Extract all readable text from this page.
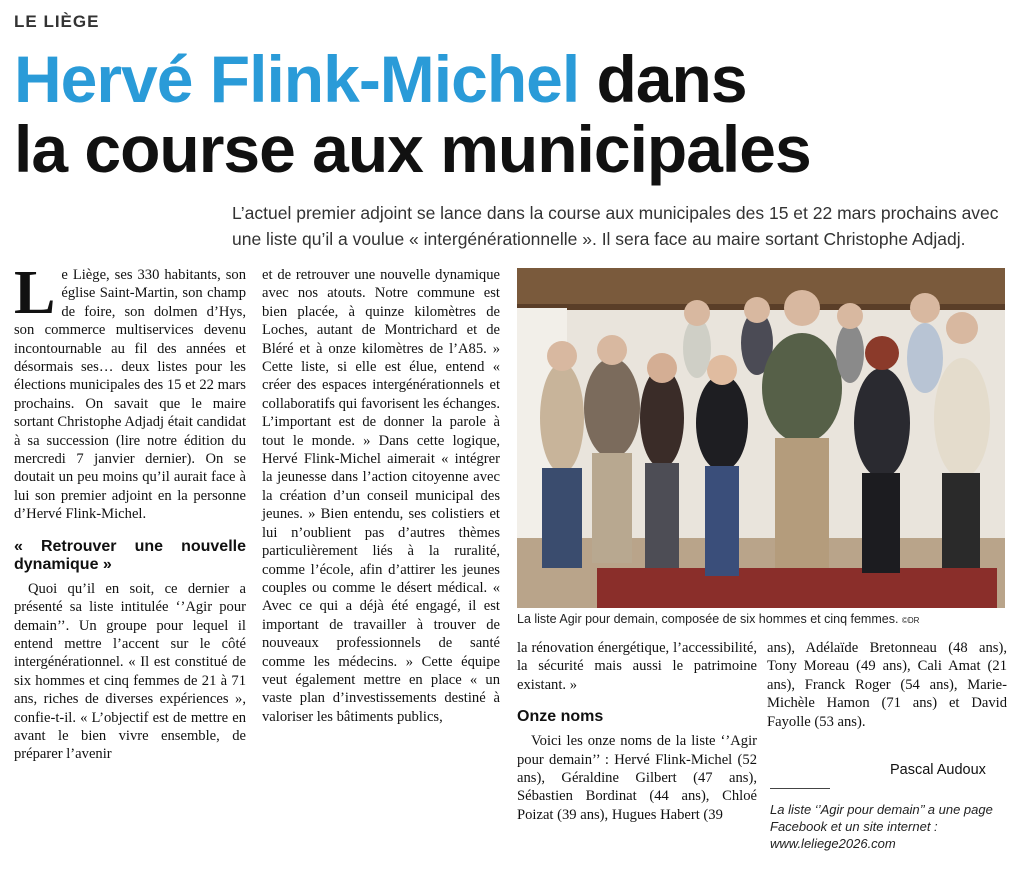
LE LIÈGE
Hervé Flink-Michel dans
la course aux municipales
L’actuel premier adjoint se lance dans la course aux municipales des 15 et 22 mars prochains avec une liste qu’il a voulue « intergénérationnelle ». Il sera face au maire sortant Christophe Adjadj.

Le Liège, ses 330 habitants, son église Saint-Martin, son champ de foire, son dolmen d’Hys, son commerce multiservices devenu incontournable au fil des années et désormais ses… deux listes pour les élections municipales des 15 et 22 mars prochains. On savait que le maire sortant Christophe Adjadj était candidat à sa succession (lire notre édition du mercredi 7 janvier dernier). On se doutait un peu moins qu’il aurait face à lui son premier adjoint en la personne d’Hervé Flink-Michel.

« Retrouver une nouvelle dynamique »

Quoi qu’il en soit, ce dernier a présenté sa liste intitulée ‘’Agir pour demain’’. Un groupe pour lequel il entend mettre l’accent sur le côté intergénérationnel. « Il est constitué de six hommes et cinq femmes de 21 à 71 ans, riches de diverses expériences », confie-t-il. « L’objectif est de mettre en avant le bien vivre ensemble, de préparer l’avenir

et de retrouver une nouvelle dynamique avec nos atouts. Notre commune est bien placée, à quinze kilomètres de Loches, autant de Montrichard et de Bléré et à onze kilomètres de l’A85. » Cette liste, si elle est élue, entend « créer des espaces intergénérationnels et collaboratifs qui favorisent les échanges. L’important est de donner la parole à tout le monde. » Dans cette logique, Hervé Flink-Michel aimerait « intégrer la jeunesse dans l’action citoyenne avec la création d’un conseil municipal des jeunes. » Bien entendu, ses colistiers et lui n’oublient pas d’autres thèmes particulièrement liés à la ruralité, comme l’école, afin d’attirer les jeunes couples ou comme le désert médical. « Avec ce qui a déjà été engagé, il est important de travailler à trouver de nouveaux professionnels de santé comme les médecins. » Cette équipe veut également mettre en place « un vaste plan d’investissements destiné à valoriser les bâtiments publics,

La liste Agir pour demain, composée de six hommes et cinq femmes. ©DR

la rénovation énergétique, l’accessibilité, la sécurité mais aussi le patrimoine existant. »

Onze noms

Voici les onze noms de la liste ‘’Agir pour demain’’ : Hervé Flink-Michel (52 ans), Géraldine Gilbert (47 ans), Sébastien Bordinat (44 ans), Chloé Poizat (39 ans), Hugues Habert (39

ans), Adélaïde Bretonneau (48 ans), Tony Moreau (49 ans), Cali Amat (21 ans), Franck Roger (54 ans), Marie-Michèle Hamon (71 ans) et David Fayolle (53 ans).

Pascal Audoux
La liste ‘’Agir pour demain’’ a une page Facebook et un site internet : www.leliege2026.com
